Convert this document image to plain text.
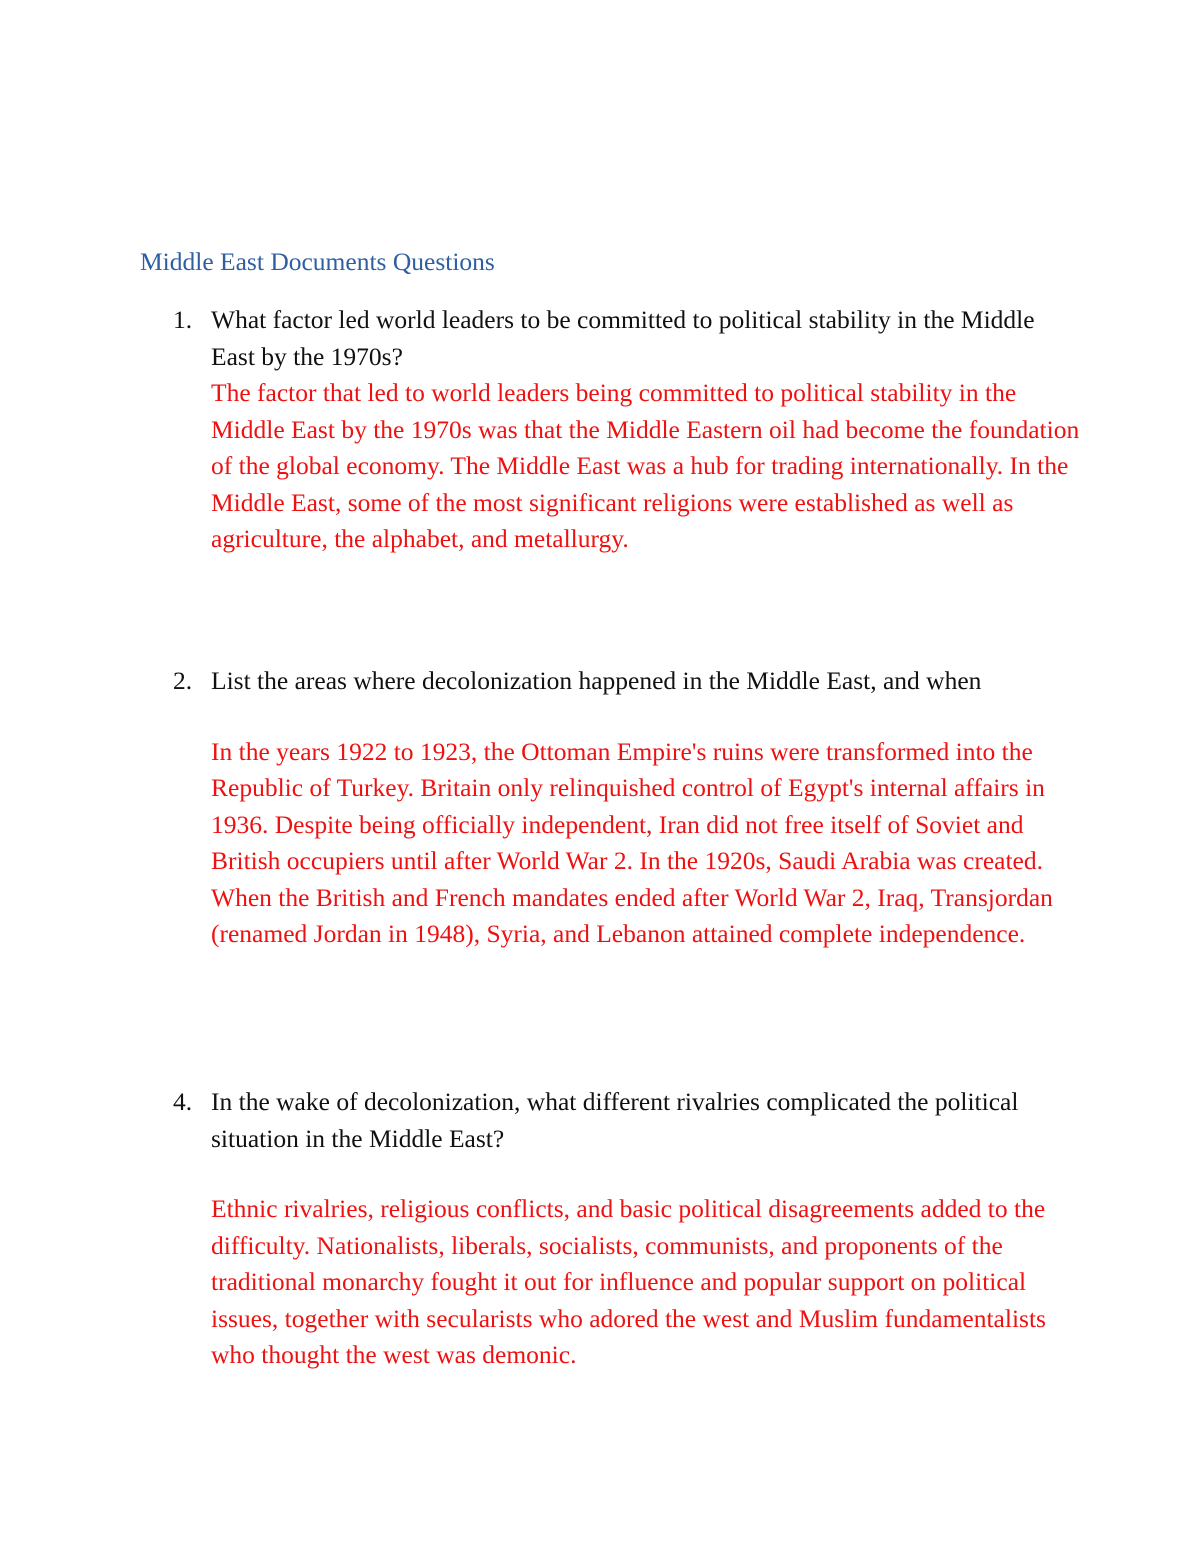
Middle East Documents Questions
1. What factor led world leaders to be committed to political stability in the Middle East by the 1970s?

The factor that led to world leaders being committed to political stability in the Middle East by the 1970s was that the Middle Eastern oil had become the foundation of the global economy. The Middle East was a hub for trading internationally. In the Middle East, some of the most significant religions were established as well as agriculture, the alphabet, and metallurgy.

2. List the areas where decolonization happened in the Middle East, and when

In the years 1922 to 1923, the Ottoman Empire's ruins were transformed into the Republic of Turkey. Britain only relinquished control of Egypt's internal affairs in 1936. Despite being officially independent, Iran did not free itself of Soviet and British occupiers until after World War 2. In the 1920s, Saudi Arabia was created. When the British and French mandates ended after World War 2, Iraq, Transjordan (renamed Jordan in 1948), Syria, and Lebanon attained complete independence.

4. In the wake of decolonization, what different rivalries complicated the political situation in the Middle East?

Ethnic rivalries, religious conflicts, and basic political disagreements added to the difficulty. Nationalists, liberals, socialists, communists, and proponents of the traditional monarchy fought it out for influence and popular support on political issues, together with secularists who adored the west and Muslim fundamentalists who thought the west was demonic.
